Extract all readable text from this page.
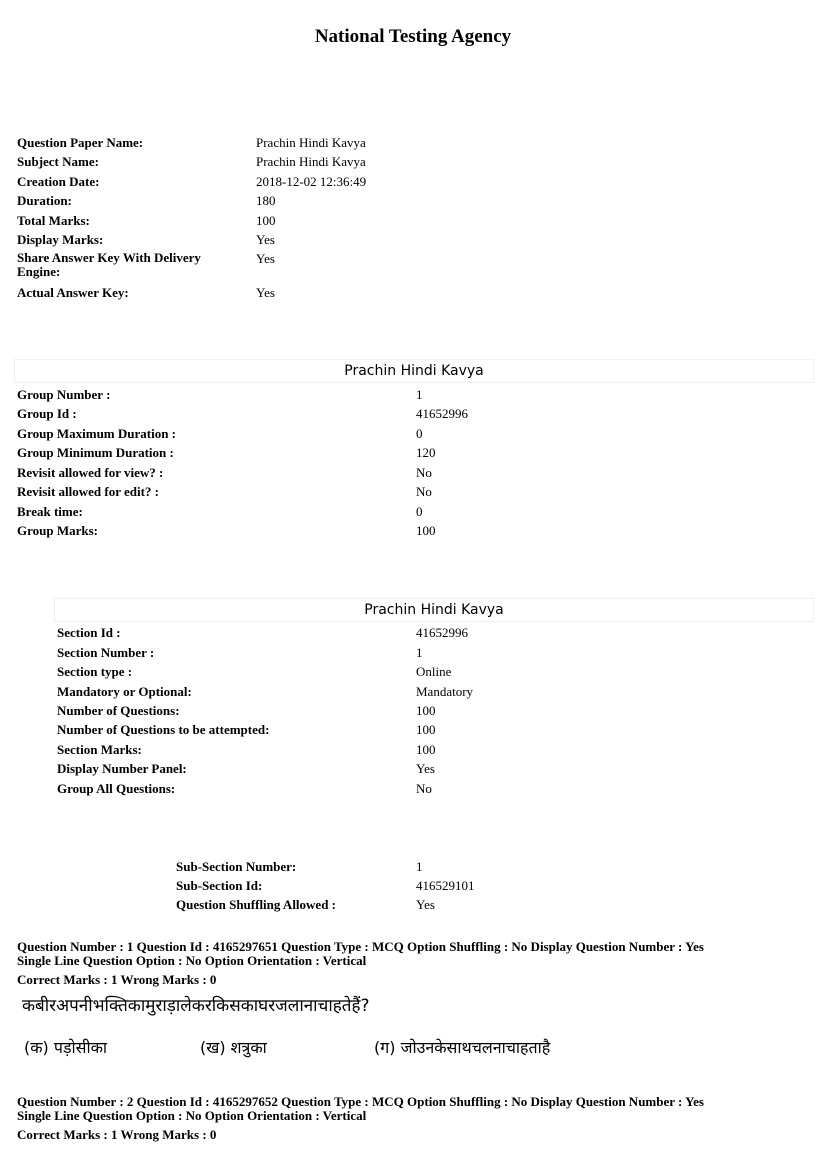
National Testing Agency
Question Paper Name:	Prachin Hindi Kavya
Subject Name:	Prachin Hindi Kavya
Creation Date:	2018-12-02 12:36:49
Duration:	180
Total Marks:	100
Display Marks:	Yes
Share Answer Key With Delivery Engine:
Yes
Actual Answer Key:	Yes
Prachin Hindi Kavya
Group Number :	1
Group Id :	41652996
Group Maximum Duration :	0
Group Minimum Duration :	120
Revisit allowed for view? :	No
Revisit allowed for edit? :	No
Break time:	0
Group Marks:	100
Prachin Hindi Kavya
Section Id :	41652996
Section Number :	1
Section type :	Online
Mandatory or Optional:	Mandatory
Number of Questions:	100
Number of Questions to be attempted:	100
Section Marks:	100
Display Number Panel:	Yes
Group All Questions:	No
Sub-Section Number:	1
Sub-Section Id:	416529101
Question Shuffling Allowed :	Yes
Question Number : 1 Question Id : 4165297651 Question Type : MCQ Option Shuffling : No Display Question Number : Yes
Single Line Question Option : No Option Orientation : Vertical
Correct Marks : 1 Wrong Marks : 0
कबीरअपनीभक्तिकामुराड़ालेकरकिसकाघरजलानाचाहतेहैं?
(क) पड़ोसीका	(ख) शत्रुका	(ग) जोउनकेसाथचलनाचाहताहै
Question Number : 2 Question Id : 4165297652 Question Type : MCQ Option Shuffling : No Display Question Number : Yes
Single Line Question Option : No Option Orientation : Vertical
Correct Marks : 1 Wrong Marks : 0
